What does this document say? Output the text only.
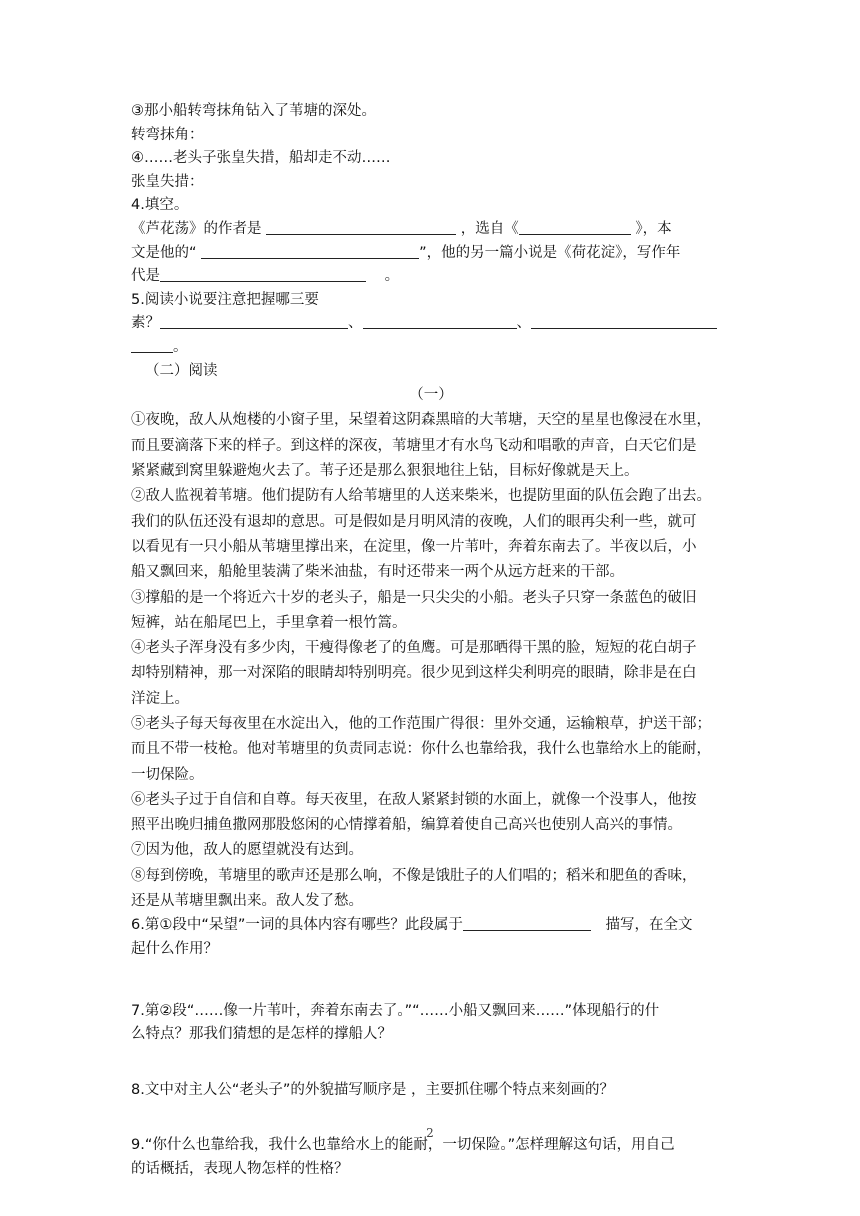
③那小船转弯抹角钻入了苇塘的深处。
转弯抹角：
④……老头子张皇失措，船却走不动……
张皇失措：
4.填空。
《芦花荡》的作者是	，选自《	》，本
文是他的“	”，他的另一篇小说是《荷花淀》，写作年
代是	。
5.阅读小说要注意把握哪三要
素？	、	、
。
（二）阅读
（一）
①夜晚，敌人从炮楼的小窗子里，呆望着这阴森黑暗的大苇塘，天空的星星也像浸在水里，
而且要滴落下来的样子。到这样的深夜，苇塘里才有水鸟飞动和唱歌的声音，白天它们是
紧紧藏到窝里躲避炮火去了。苇子还是那么狠狠地往上钻，目标好像就是天上。
②敌人监视着苇塘。他们提防有人给苇塘里的人送来柴米，也提防里面的队伍会跑了出去。
我们的队伍还没有退却的意思。可是假如是月明风清的夜晚，人们的眼再尖利一些，就可
以看见有一只小船从苇塘里撑出来，在淀里，像一片苇叶，奔着东南去了。半夜以后，小
船又飘回来，船舱里装满了柴米油盐，有时还带来一两个从远方赶来的干部。
③撑船的是一个将近六十岁的老头子，船是一只尖尖的小船。老头子只穿一条蓝色的破旧
短裤，站在船尾巴上，手里拿着一根竹篙。
④老头子浑身没有多少肉，干瘦得像老了的鱼鹰。可是那晒得干黑的脸，短短的花白胡子
却特别精神，那一对深陷的眼睛却特别明亮。很少见到这样尖利明亮的眼睛，除非是在白
洋淀上。
⑤老头子每天每夜里在水淀出入，他的工作范围广得很：里外交通，运输粮草，护送干部；
而且不带一枝枪。他对苇塘里的负责同志说：你什么也靠给我，我什么也靠给水上的能耐，
一切保险。
⑥老头子过于自信和自尊。每天夜里，在敌人紧紧封锁的水面上，就像一个没事人，他按
照平出晚归捕鱼撒网那股悠闲的心情撑着船，编算着使自己高兴也使别人高兴的事情。
⑦因为他，敌人的愿望就没有达到。
⑧每到傍晚，苇塘里的歌声还是那么响，不像是饿肚子的人们唱的；稻米和肥鱼的香味，
还是从苇塘里飘出来。敌人发了愁。
6.第①段中“呆望”一词的具体内容有哪些？此段属于	描写，在全文
起什么作用？
7.第②段“……像一片苇叶，奔着东南去了。”“……小船又飘回来……”体现船行的什
么特点？那我们猜想的是怎样的撑船人？
8.文中对主人公“老头子”的外貌描写顺序是 ，主要抓住哪个特点来刻画的？
9.“你什么也靠给我，我什么也靠给水上的能耐，一切保险。”怎样理解这句话，用自己
的话概括，表现人物怎样的性格？
2
